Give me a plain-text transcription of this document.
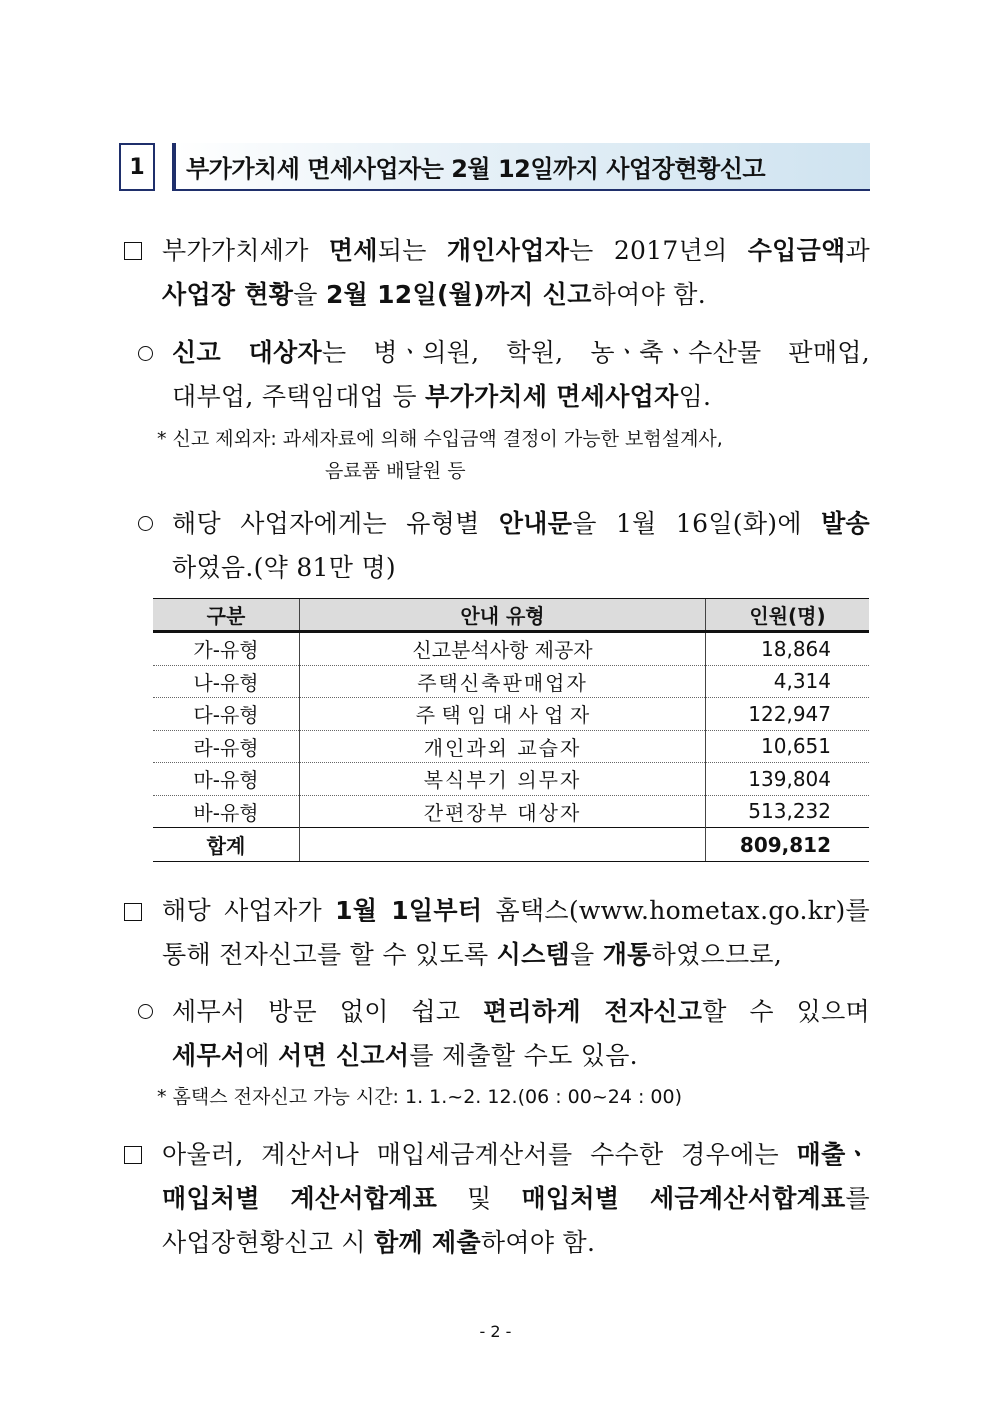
1	부가가치세 면세사업자는 2월 12일까지 사업장현황신고
부가가치세가 면세되는 개인사업자는 2017년의 수입금액과
사업장 현황을 2월 12일(월)까지 신고하여야 함.
신고 대상자는 병ㆍ의원, 학원, 농ㆍ축ㆍ수산물 판매업,
대부업, 주택임대업 등 부가가치세 면세사업자임.
* 신고 제외자: 과세자료에 의해 수입금액 결정이 가능한 보험설계사,
음료품 배달원 등
해당 사업자에게는 유형별 안내문을 1월 16일(화)에 발송
하였음.(약 81만 명)
구분	안내 유형	인원(명)
가-유형	신고분석사항 제공자	18,864
나-유형	주택신축판매업자	4,314
다-유형	주 택 임 대 사 업 자	122,947
라-유형	개인과외 교습자	10,651
마-유형	복식부기 의무자	139,804
바-유형	간편장부 대상자	513,232
합계		809,812
해당 사업자가 1월 1일부터 홈택스(www.hometax.go.kr)를
통해 전자신고를 할 수 있도록 시스템을 개통하였으므로,
세무서 방문 없이 쉽고 편리하게 전자신고할 수 있으며
세무서에 서면 신고서를 제출할 수도 있음.
* 홈택스 전자신고 가능 시간: 1. 1.~2. 12.(06 : 00~24 : 00)
아울러, 계산서나 매입세금계산서를 수수한 경우에는 매출ㆍ
매입처별 계산서합계표 및 매입처별 세금계산서합계표를
사업장현황신고 시 함께 제출하여야 함.
- 2 -
